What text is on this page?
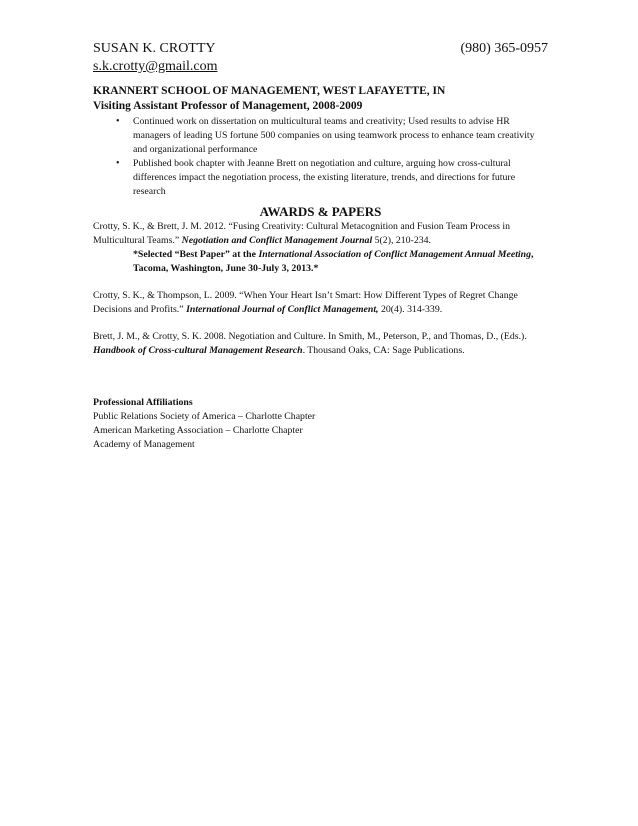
SUSAN K. CROTTY	(980) 365-0957
s.k.crotty@gmail.com
KRANNERT SCHOOL OF MANAGEMENT, WEST LAFAYETTE, IN
Visiting Assistant Professor of Management, 2008-2009
• Continued work on dissertation on multicultural teams and creativity; Used results to advise HR managers of leading US fortune 500 companies on using teamwork process to enhance team creativity and organizational performance
• Published book chapter with Jeanne Brett on negotiation and culture, arguing how cross-cultural differences impact the negotiation process, the existing literature, trends, and directions for future research
AWARDS & PAPERS
Crotty, S. K., & Brett, J. M. 2012. “Fusing Creativity: Cultural Metacognition and Fusion Team Process in Multicultural Teams.” Negotiation and Conflict Management Journal 5(2), 210-234.
*Selected “Best Paper” at the International Association of Conflict Management Annual Meeting, Tacoma, Washington, June 30-July 3, 2013.*
Crotty, S. K., & Thompson, L. 2009. “When Your Heart Isn’t Smart: How Different Types of Regret Change Decisions and Profits.” International Journal of Conflict Management, 20(4). 314-339.
Brett, J. M., & Crotty, S. K. 2008. Negotiation and Culture. In Smith, M., Peterson, P., and Thomas, D., (Eds.). Handbook of Cross-cultural Management Research. Thousand Oaks, CA: Sage Publications.
Professional Affiliations
Public Relations Society of America – Charlotte Chapter
American Marketing Association – Charlotte Chapter
Academy of Management
